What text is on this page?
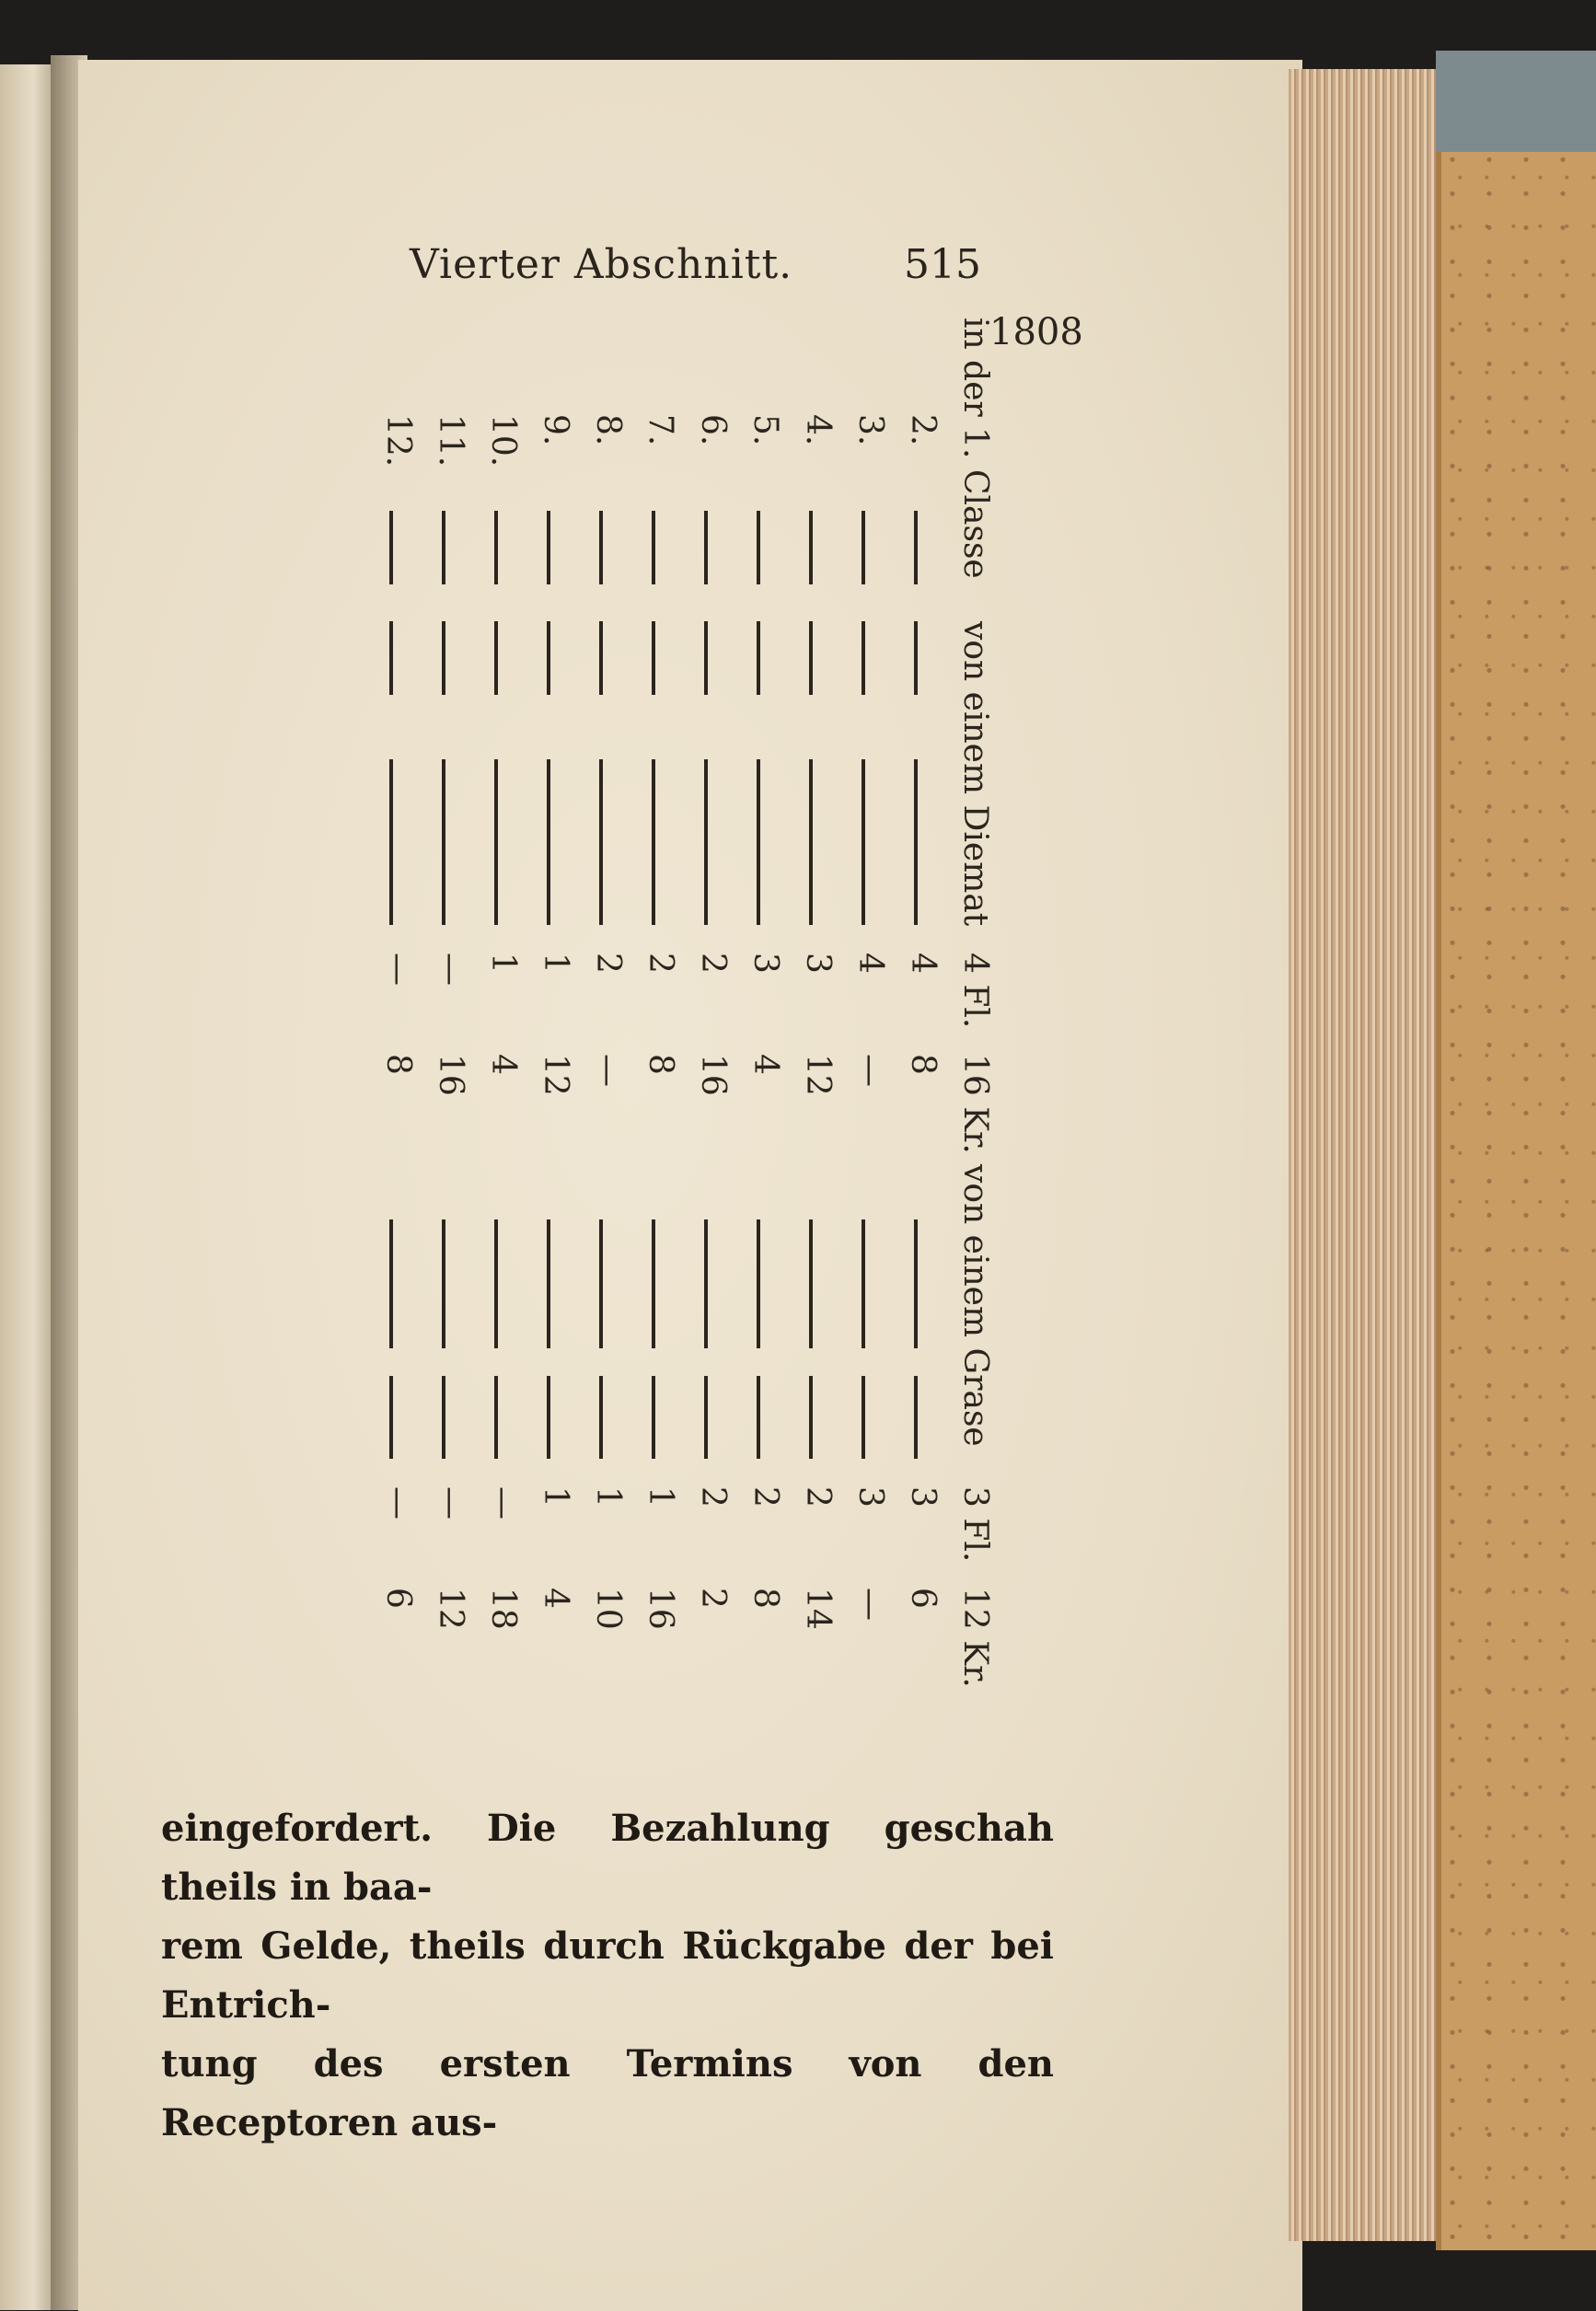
Vierter Abschnitt.	515
1808
in der 1. Classe
von einem Diemat
4 Fl.
16 Kr.
von einem Grase
3 Fl.
12 Kr.
2.
4
8
3
6
3.
4
—
3
—
4.
3
12
2
14
5.
3
4
2
8
6.
2
16
2
2
7.
2
8
1
16
8.
2
—
1
10
9.
1
12
1
4
10.
1
4
—
18
11.
—
16
—
12
12.
—
8
—
6

eingefordert. Die Bezahlung geschah theils in baa-

rem Gelde, theils durch Rückgabe der bei Entrich-

tung des ersten Termins von den Receptoren aus-
